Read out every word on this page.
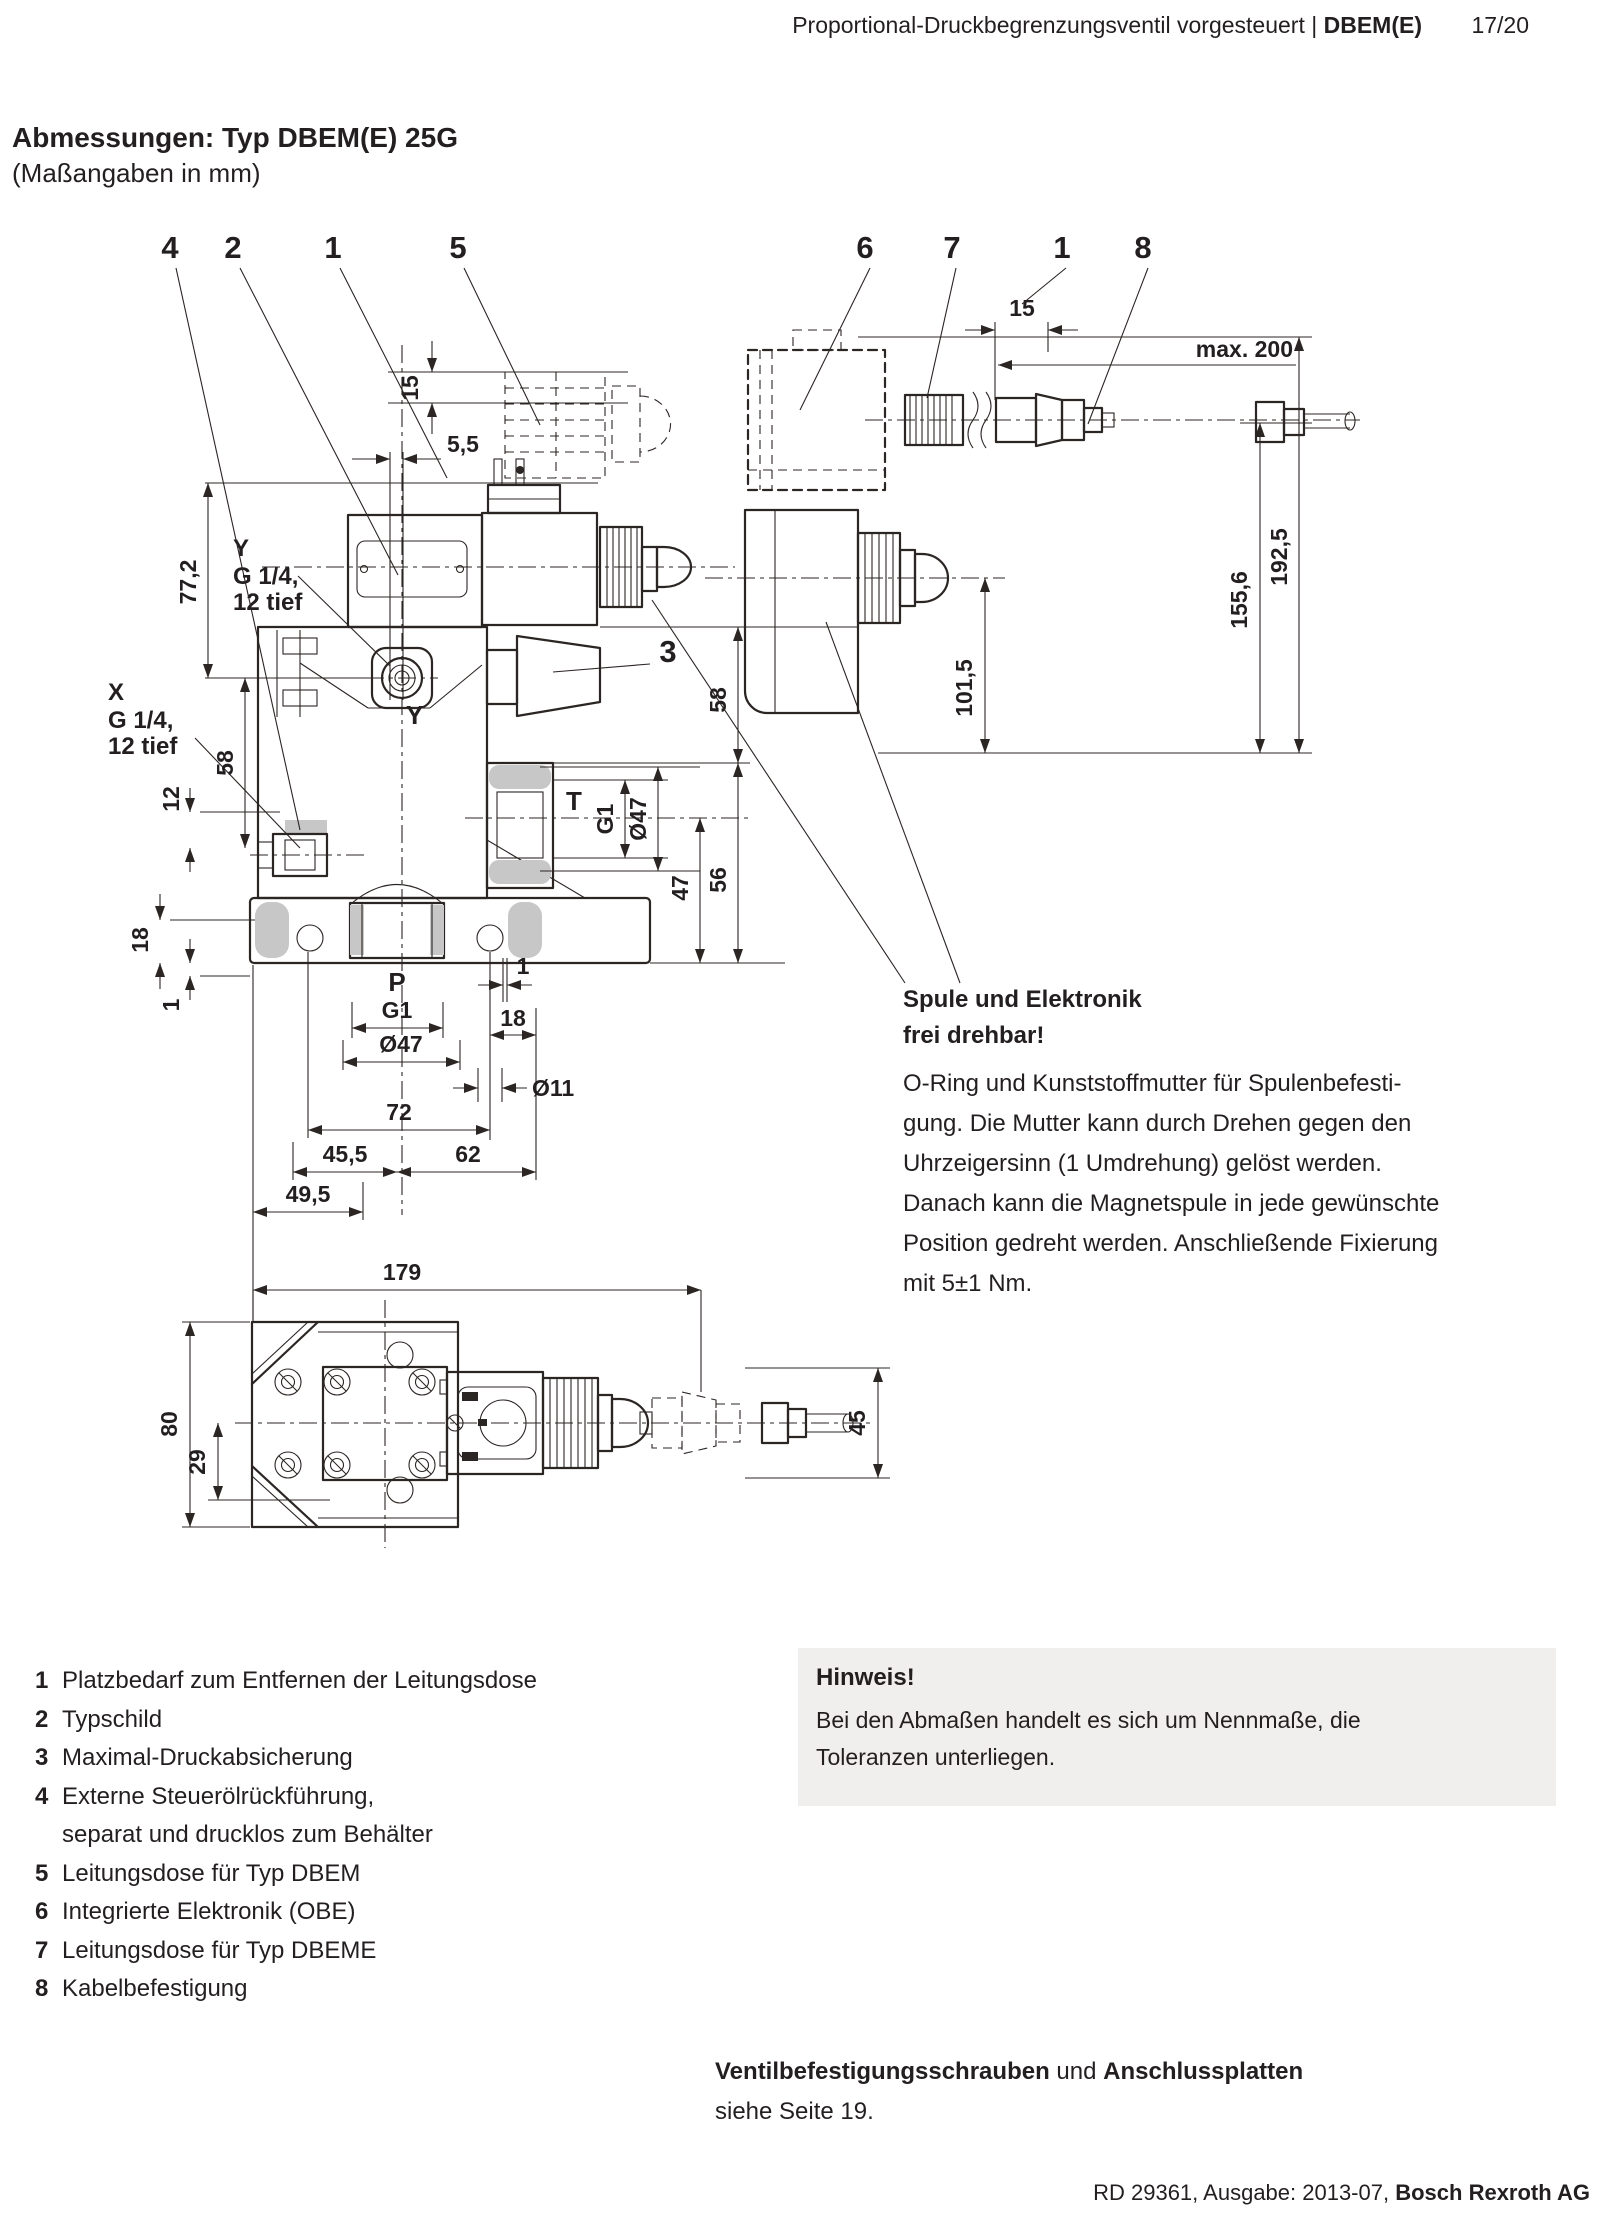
15
5,5
77,2
Y
G 1/4,
12 tief
X
G 1/4,
12 tief
58
12
18
1
Y
T
P
G1 Ø47
47 56
58
G1
Ø47
1
18
Ø11
72
45,5	62
49,5
15
max. 200
101,5
155,6
192,5
179
80
29
45
4 2	1	5
3
6 7	1 8
Proportional-Druckbegrenzungsventil vorgesteuert | DBEM(E) 17/20
Abmessungen: Typ DBEM(E) 25G
(Maßangaben in mm)
Spule und Elektronik
frei drehbar!
O-Ring und Kunststoffmutter für Spulenbefesti-
gung. Die Mutter kann durch Drehen gegen den
Uhrzeigersinn (1 Umdrehung) gelöst werden.
Danach kann die Magnetspule in jede gewünschte
Position gedreht werden. Anschließende Fixierung
mit 5±1 Nm.
1 Platzbedarf zum Entfernen der Leitungsdose
2 Typschild
3 Maximal-Druckabsicherung
4 Externe Steuerölrückführung,
separat und drucklos zum Behälter
5 Leitungsdose für Typ DBEM
6 Integrierte Elektronik (OBE)
7 Leitungsdose für Typ DBEME
8 Kabelbefestigung
Hinweis!
Bei den Abmaßen handelt es sich um Nennmaße, die
Toleranzen unterliegen.
Ventilbefestigungsschrauben und Anschlussplatten
siehe Seite 19.
RD 29361, Ausgabe: 2013-07, Bosch Rexroth AG
